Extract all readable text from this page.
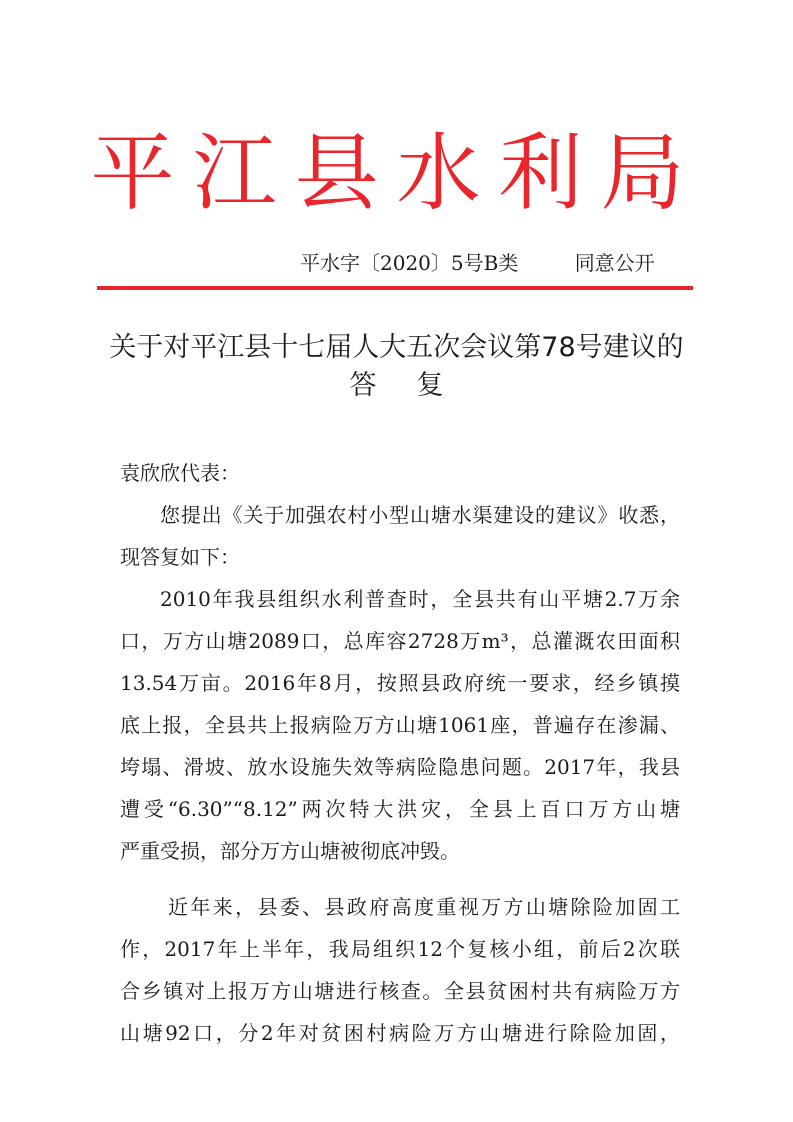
平江县水利局
平水字〔2020〕5号B类	同意公开
关于对平江县十七届人大五次会议第78号建议的
答复
袁欣欣代表：
您提出《关于加强农村小型山塘水渠建设的建议》收悉，
现答复如下：
2010年我县组织水利普查时，全县共有山平塘2.7万余
口，万方山塘2089口，总库容2728万m³，总灌溉农田面积
13.54万亩。2016年8月，按照县政府统一要求，经乡镇摸
底上报，全县共上报病险万方山塘1061座，普遍存在渗漏、
垮塌、滑坡、放水设施失效等病险隐患问题。2017年，我县
遭受“6.30”“8.12”两次特大洪灾，全县上百口万方山塘
严重受损，部分万方山塘被彻底冲毁。
近年来，县委、县政府高度重视万方山塘除险加固工
作，2017年上半年，我局组织12个复核小组，前后2次联
合乡镇对上报万方山塘进行核查。全县贫困村共有病险万方
山塘92口，分2年对贫困村病险万方山塘进行除险加固，
